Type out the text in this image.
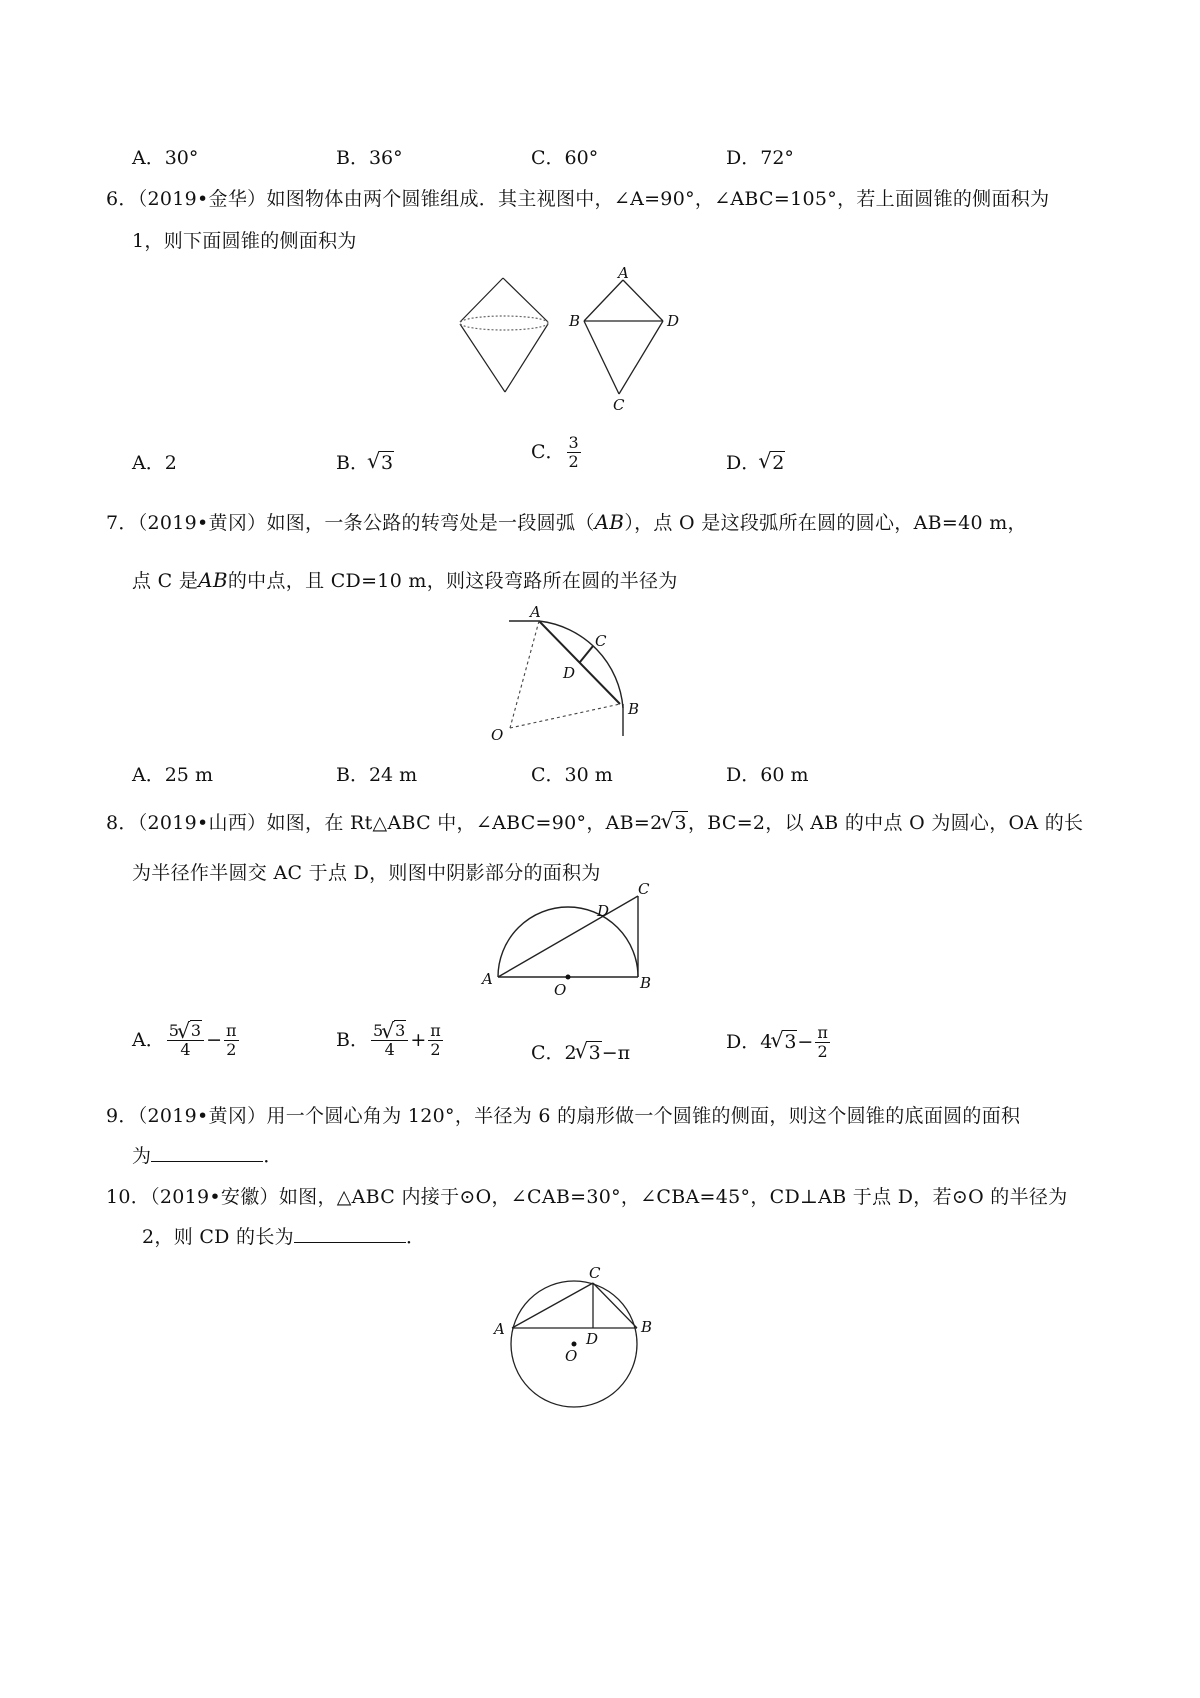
A．30°	B．36°	C．60°	D．72°
6．（2019•金华）如图物体由两个圆锥组成．其主视图中，∠A=90°，∠ABC=105°，若上面圆锥的侧面积为
1，则下面圆锥的侧面积为
A
B	D
C
A．2	B． √ 3
C． $\frac{3}{2}$	D． √ 2
7．（2019•黄冈）如图，一条公路的转弯处是一段圆弧（AB），点 O 是这段弧所在圆的圆心，AB=40 m，
点 C 是AB的中点，且 CD=10 m，则这段弯路所在圆的半径为
A
C
D
B
O
A．25 m	B．24 m	C．30 m	D．60 m
8．（2019•山西）如图，在 Rt△ABC 中，∠ABC=90°，AB=2 √ 3，BC=2，以 AB 的中点 O 为圆心，OA 的长
为半径作半圆交 AC 于点 D，则图中阴影部分的面积为
C
D
A
O	B
A． $\frac{5 √ 3}{4} - \frac{\pi}{2}$	B． $\frac{5 √ 3}{4} + \frac{\pi}{2}$	C．2 √ 3−π
D．4 √ $3- \frac{\pi}{2}$
9．（2019•黄冈）用一个圆心角为 120°，半径为 6 的扇形做一个圆锥的侧面，则这个圆锥的底面圆的面积
为	．
10．（2019•安徽）如图，△ABC 内接于⊙O，∠CAB=30°，∠CBA=45°，CD⊥AB 于点 D，若⊙O 的半径为
2，则 CD 的长为	．
C
A	B
D
O
